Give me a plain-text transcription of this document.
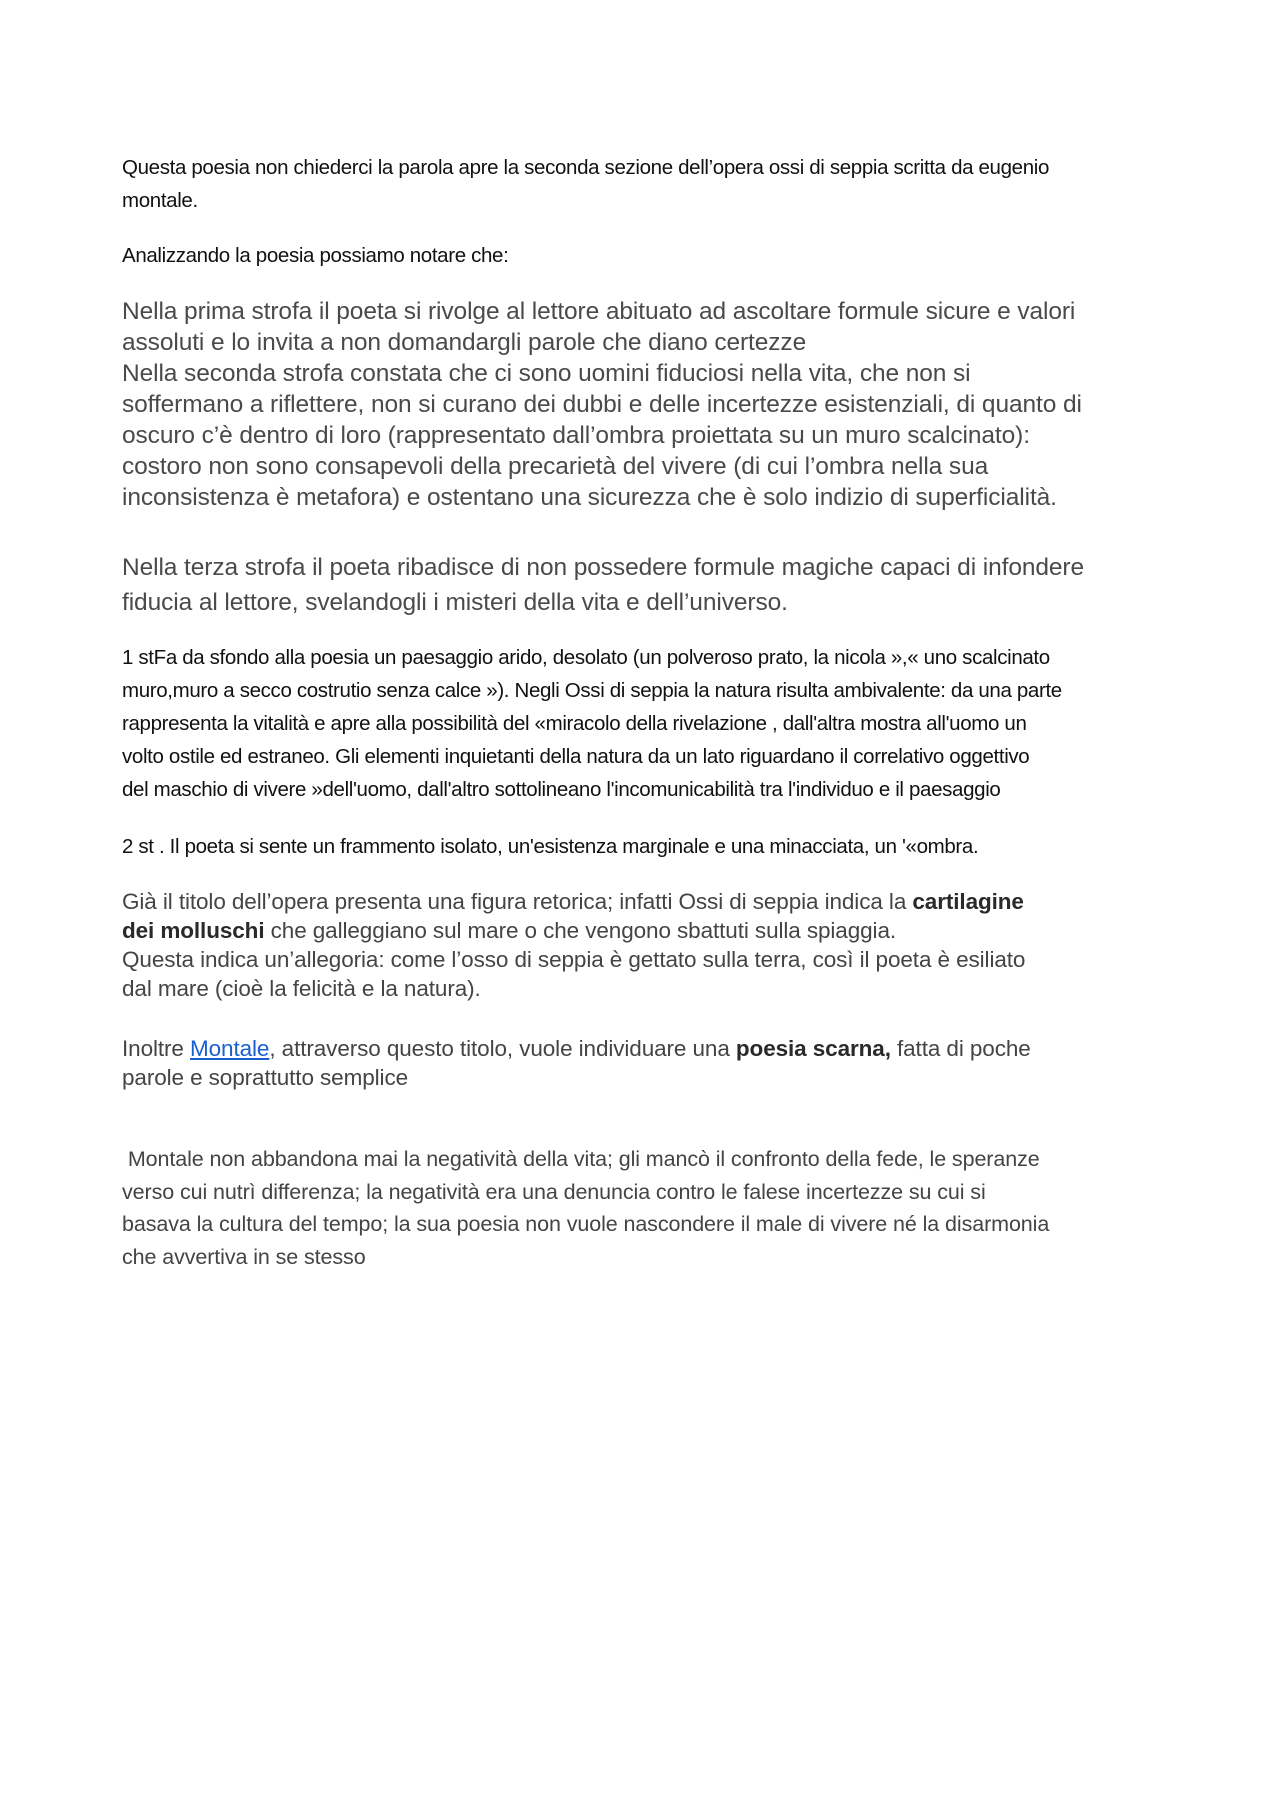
Questa poesia non chiederci la parola apre la seconda sezione dell’opera ossi di seppia scritta da eugenio
montale.

Analizzando la poesia possiamo notare che:

Nella prima strofa il poeta si rivolge al lettore abituato ad ascoltare formule sicure e valori
assoluti e lo invita a non domandargli parole che diano certezze
Nella seconda strofa constata che ci sono uomini fiduciosi nella vita, che non si
soffermano a riflettere, non si curano dei dubbi e delle incertezze esistenziali, di quanto di
oscuro c’è dentro di loro (rappresentato dall’ombra proiettata su un muro scalcinato):
costoro non sono consapevoli della precarietà del vivere (di cui l’ombra nella sua
inconsistenza è metafora) e ostentano una sicurezza che è solo indizio di superficialità.

Nella terza strofa il poeta ribadisce di non possedere formule magiche capaci di infondere
fiducia al lettore, svelandogli i misteri della vita e dell’universo.

1 stFa da sfondo alla poesia un paesaggio arido, desolato (un polveroso prato, la nicola »,« uno scalcinato
muro,muro a secco costrutio senza calce »). Negli Ossi di seppia la natura risulta ambivalente: da una parte
rappresenta la vitalità e apre alla possibilità del «miracolo della rivelazione , dall'altra mostra all'uomo un
volto ostile ed estraneo. Gli elementi inquietanti della natura da un lato riguardano il correlativo oggettivo
del maschio di vivere »dell'uomo, dall'altro sottolineano l'incomunicabilità tra l'individuo e il paesaggio

2 st . Il poeta si sente un frammento isolato, un'esistenza marginale e una minacciata, un '«ombra.

Già il titolo dell’opera presenta una figura retorica; infatti Ossi di seppia indica la cartilagine
dei molluschi che galleggiano sul mare o che vengono sbattuti sulla spiaggia.
Questa indica un’allegoria: come l’osso di seppia è gettato sulla terra, così il poeta è esiliato
dal mare (cioè la felicità e la natura).

Inoltre Montale, attraverso questo titolo, vuole individuare una poesia scarna, fatta di poche
parole e soprattutto semplice

Montale non abbandona mai la negatività della vita; gli mancò il confronto della fede, le speranze
verso cui nutrì differenza; la negatività era una denuncia contro le falese incertezze su cui si
basava la cultura del tempo; la sua poesia non vuole nascondere il male di vivere né la disarmonia
che avvertiva in se stesso
